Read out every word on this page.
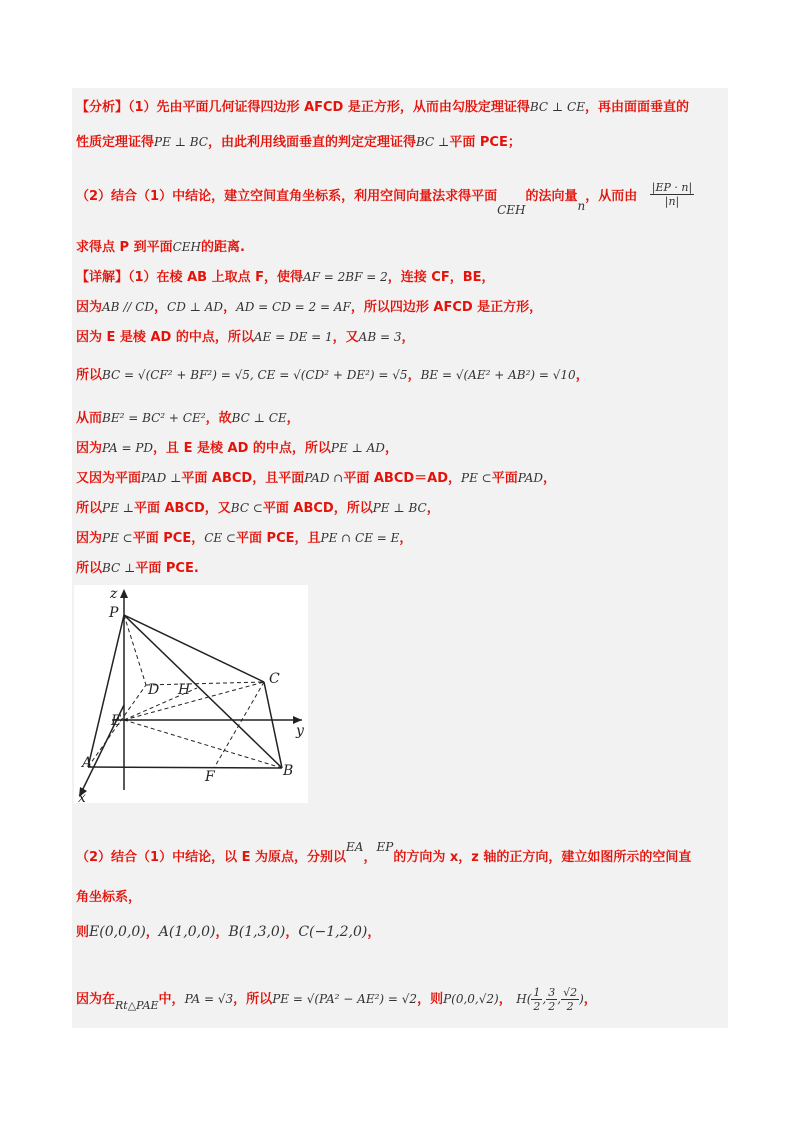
【分析】（1）先由平面几何证得四边形 AFCD 是正方形，从而由勾股定理证得BC ⊥ CE，再由面面垂直的
性质定理证得PE ⊥ BC，由此利用线面垂直的判定定理证得BC ⊥平面 PCE；
（2）结合（1）中结论，建立空间直角坐标系，利用空间向量法求得平面CEH的法向量n，从而由 $\frac{|EP \cdot n|}{|n|}$
求得点 P 到平面CEH的距离.
【详解】（1）在棱 AB 上取点 F，使得AF = 2BF = 2，连接 CF，BE，
因为AB // CD，CD ⊥ AD，AD = CD = 2 = AF，所以四边形 AFCD 是正方形，
因为 E 是棱 AD 的中点，所以AE = DE = 1，又AB = 3，
所以BC = √(CF² + BF²) = √5, CE = √(CD² + DE²) = √5，BE = √(AE² + AB²) = √10，
从而BE² = BC² + CE²，故BC ⊥ CE，
因为PA = PD，且 E 是棱 AD 的中点，所以PE ⊥ AD，
又因为平面PAD ⊥平面 ABCD，且平面PAD ∩平面 ABCD＝AD，PE ⊂平面PAD，
所以PE ⊥平面 ABCD，又BC ⊂平面 ABCD，所以PE ⊥ BC，
因为PE ⊂平面 PCE，CE ⊂平面 PCE，且PE ∩ CE = E，
所以BC ⊥平面 PCE.
z
P
D H
C
E
y
A
F	B
x
（2）结合（1）中结论，以 E 为原点，分别以EA，EP的方向为 x，z 轴的正方向，建立如图所示的空间直
角坐标系，
则E(0,0,0)，A(1,0,0)，B(1,3,0)，C(−1,2,0)，
因为在$_{Rt\triangle PAE}$中，PA = √3，所以PE = √(PA² − AE²) = √2，则P(0,0,√2)， $H( \frac{1}{2}$ , $\frac{3}{2}$ , $\frac{√2}{2}$ )，
